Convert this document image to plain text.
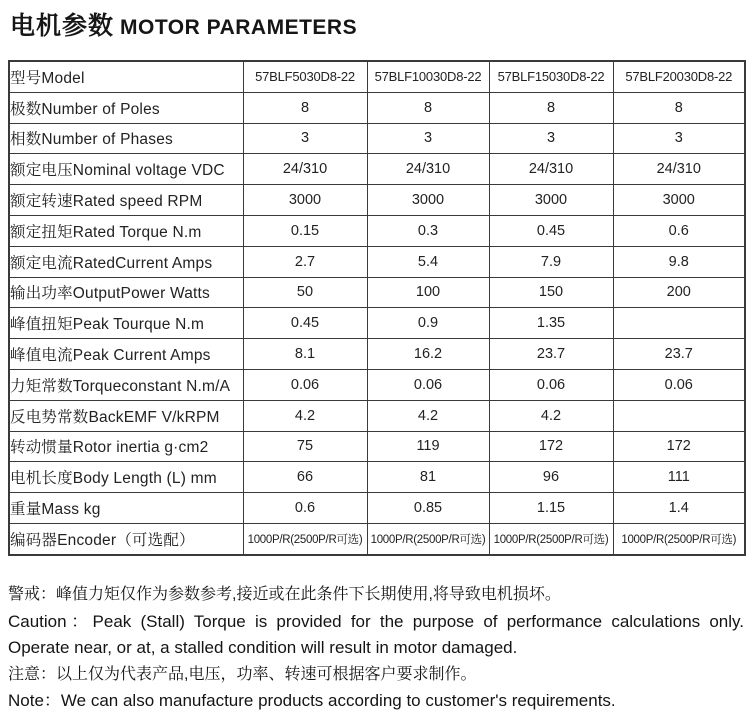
电机参数 MOTOR PARAMETERS
型号Model	57BLF5030D8-22	57BLF10030D8-22	57BLF15030D8-22	57BLF20030D8-22
极数Number of Poles	8	8	8	8
相数Number of Phases	3	3	3	3
额定电压Nominal voltage VDC	24/310	24/310	24/310	24/310
额定转速Rated speed RPM	3000	3000	3000	3000
额定扭矩Rated Torque N.m	0.15	0.3	0.45	0.6
额定电流RatedCurrent Amps	2.7	5.4	7.9	9.8
输出功率OutputPower Watts	50	100	150	200
峰值扭矩Peak Tourque N.m	0.45	0.9	1.35	
峰值电流Peak Current Amps	8.1	16.2	23.7	23.7
力矩常数Torqueconstant N.m/A	0.06	0.06	0.06	0.06
反电势常数BackEMF V/kRPM	4.2	4.2	4.2	
转动惯量Rotor inertia g·cm2	75	119	172	172
电机长度Body Length (L) mm	66	81	96	111
重量Mass kg	0.6	0.85	1.15	1.4
编码器Encoder（可选配）	1000P/R(2500P/R可选)	1000P/R(2500P/R可选)	1000P/R(2500P/R可选)	1000P/R(2500P/R可选)
警戒：峰值力矩仅作为参数参考,接近或在此条件下长期使用,将导致电机损坏。
Caution：Peak (Stall) Torque is provided for the purpose of performance calculations only.
Operate near, or at, a stalled condition will result in motor damaged.
注意：以上仅为代表产品,电压，功率、转速可根据客户要求制作。
Note：We can also manufacture products according to customer's requirements.
